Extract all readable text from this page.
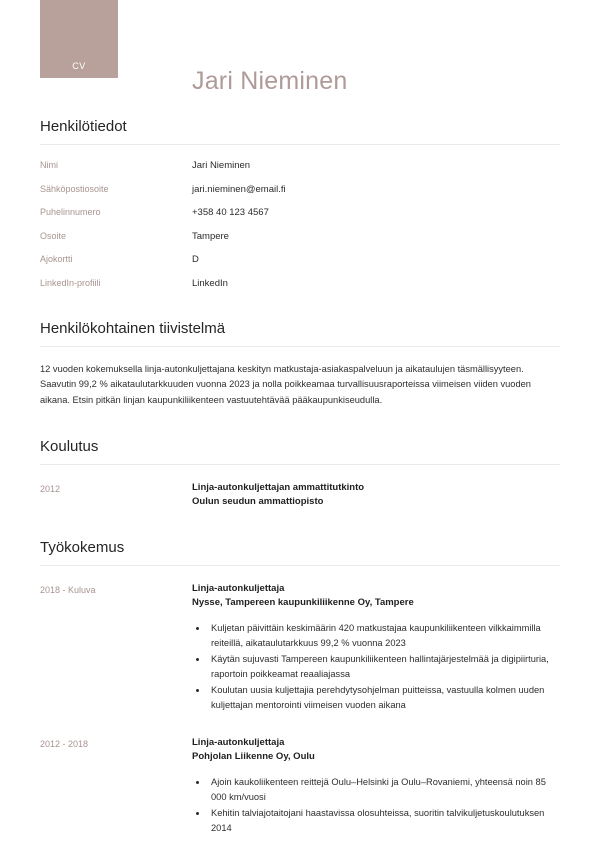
CV
Jari Nieminen
Henkilötiedot
Nimi	Jari Nieminen
Sähköpostiosoite	jari.nieminen@email.fi
Puhelinnumero	+358 40 123 4567
Osoite	Tampere
Ajokortti	D
LinkedIn-profiili	LinkedIn
Henkilökohtainen tiivistelmä

12 vuoden kokemuksella linja-autonkuljettajana keskityn matkustaja-asiakaspalveluun ja aikataulujen täsmällisyyteen. Saavutin 99,2 % aikataulutarkkuuden vuonna 2023 ja nolla poikkeamaa turvallisuusraporteissa viimeisen viiden vuoden aikana. Etsin pitkän linjan kaupunkiliikenteen vastuutehtävää pääkaupunkiseudulla.

Koulutus
2012	Linja-autonkuljettajan ammattitutkinto
Oulun seudun ammattiopisto
Työkokemus
2018 - Kuluva	Linja-autonkuljettaja
Nysse, Tampereen kaupunkiliikenne Oy, Tampere
• Kuljetan päivittäin keskimäärin 420 matkustajaa kaupunkiliikenteen vilkkaimmilla reiteillä, aikataulutarkkuus 99,2 % vuonna 2023
• Käytän sujuvasti Tampereen kaupunkiliikenteen hallintajärjestelmää ja digipiirturia, raportoin poikkeamat reaaliajassa
• Koulutan uusia kuljettajia perehdytysohjelman puitteissa, vastuulla kolmen uuden kuljettajan mentorointi viimeisen vuoden aikana
2012 - 2018	Linja-autonkuljettaja
Pohjolan Liikenne Oy, Oulu
• Ajoin kaukoliikenteen reittejä Oulu–Helsinki ja Oulu–Rovaniemi, yhteensä noin 85 000 km/vuosi
• Kehitin talviajotaitojani haastavissa olosuhteissa, suoritin talvikuljetuskoulutuksen 2014
